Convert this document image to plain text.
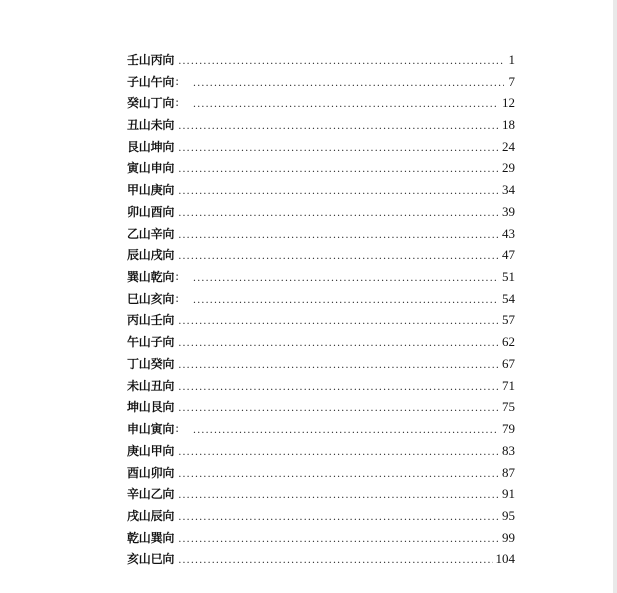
壬山丙向 .....	1
子山午向 : .....	7
癸山丁向 : .....	12
丑山未向 .....	18
艮山坤向 .....	24
寅山申向 .....	29
甲山庚向 .....	34
卯山酉向 .....	39
乙山辛向 .....	43
辰山戌向 .....	47
巽山乾向 : .....	51
巳山亥向 : .....	54
丙山壬向 .....	57
午山子向 .....	62
丁山癸向 .....	67
未山丑向 .....	71
坤山艮向 .....	75
申山寅向 : .....	79
庚山甲向 .....	83
酉山卯向 .....	87
辛山乙向 .....	91
戌山辰向 .....	95
乾山巽向 .....	99
亥山巳向 .....	104
